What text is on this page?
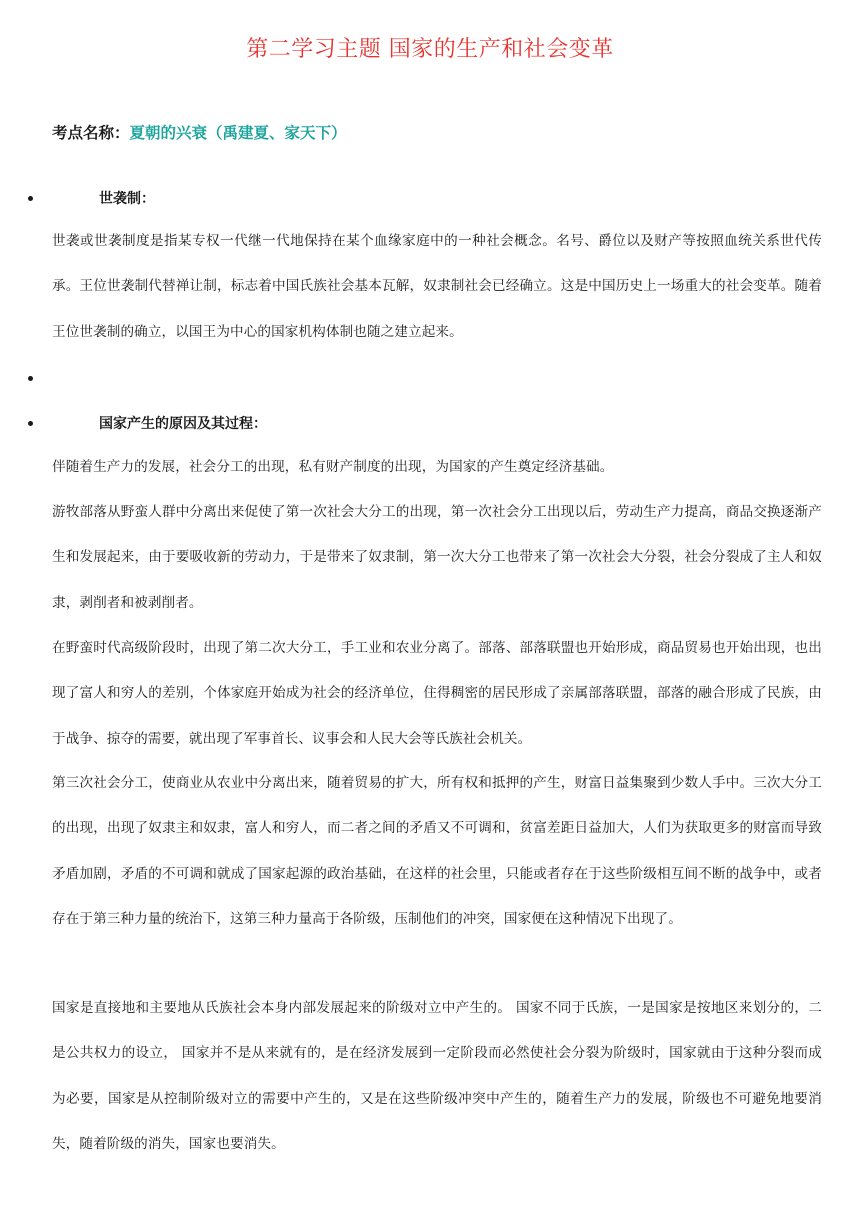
第二学习主题 国家的生产和社会变革
考点名称：夏朝的兴衰（禹建夏、家天下）
世袭制：

世袭或世袭制度是指某专权一代继一代地保持在某个血缘家庭中的一种社会概念。名号、爵位以及财产等按照血统关系世代传承。王位世袭制代替禅让制，标志着中国氏族社会基本瓦解，奴隶制社会已经确立。这是中国历史上一场重大的社会变革。随着王位世袭制的确立，以国王为中心的国家机构体制也随之建立起来。

国家产生的原因及其过程：

伴随着生产力的发展，社会分工的出现，私有财产制度的出现，为国家的产生奠定经济基础。

游牧部落从野蛮人群中分离出来促使了第一次社会大分工的出现，第一次社会分工出现以后，劳动生产力提高，商品交换逐渐产生和发展起来，由于要吸收新的劳动力，于是带来了奴隶制，第一次大分工也带来了第一次社会大分裂，社会分裂成了主人和奴隶，剥削者和被剥削者。

在野蛮时代高级阶段时，出现了第二次大分工，手工业和农业分离了。部落、部落联盟也开始形成，商品贸易也开始出现，也出现了富人和穷人的差别，个体家庭开始成为社会的经济单位，住得稠密的居民形成了亲属部落联盟，部落的融合形成了民族，由于战争、掠夺的需要，就出现了军事首长、议事会和人民大会等氏族社会机关。

第三次社会分工，使商业从农业中分离出来，随着贸易的扩大，所有权和抵押的产生，财富日益集聚到少数人手中。三次大分工的出现，出现了奴隶主和奴隶，富人和穷人，而二者之间的矛盾又不可调和，贫富差距日益加大，人们为获取更多的财富而导致矛盾加剧，矛盾的不可调和就成了国家起源的政治基础，在这样的社会里，只能或者存在于这些阶级相互间不断的战争中，或者存在于第三种力量的统治下，这第三种力量高于各阶级，压制他们的冲突，国家便在这种情况下出现了。

国家是直接地和主要地从氏族社会本身内部发展起来的阶级对立中产生的。 国家不同于氏族，一是国家是按地区来划分的，二是公共权力的设立， 国家并不是从来就有的，是在经济发展到一定阶段而必然使社会分裂为阶级时，国家就由于这种分裂而成为必要，国家是从控制阶级对立的需要中产生的，又是在这些阶级冲突中产生的，随着生产力的发展，阶级也不可避免地要消失，随着阶级的消失，国家也要消失。
